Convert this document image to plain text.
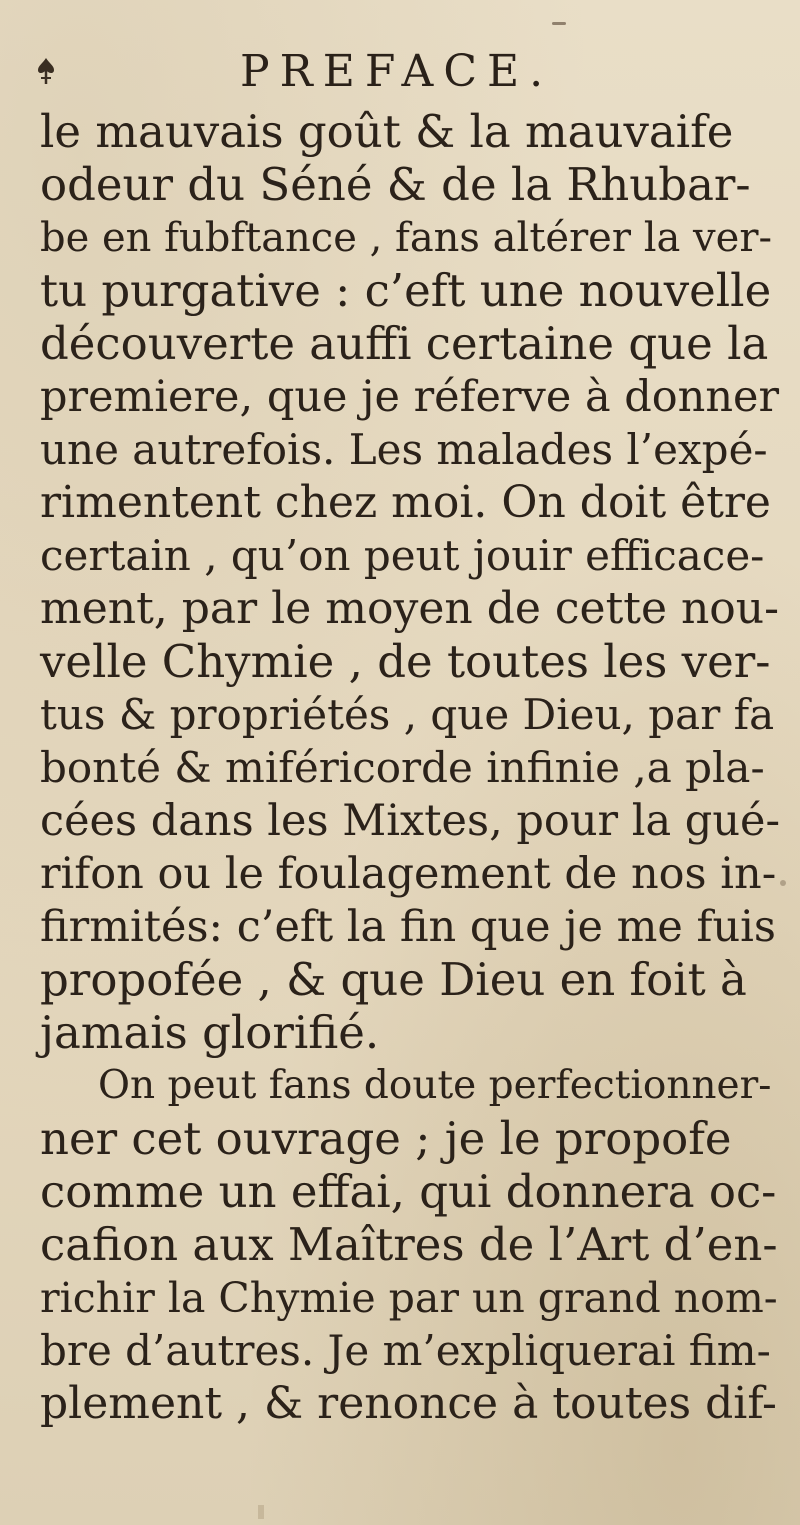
PREFACE.
le mauvais goût & la mauvaife
odeur du Séné & de la Rhubar-
be en fubftance , fans altérer la ver-
tu purgative : c’eft une nouvelle
découverte auffi certaine que la
premiere, que je réferve à donner
une autrefois. Les malades l’expé-
rimentent chez moi. On doit être
certain , qu’on peut jouir efficace-
ment, par le moyen de cette nou-
velle Chymie , de toutes les ver-
tus & propriétés , que Dieu, par fa
bonté & miféricorde infinie ,a pla-
cées dans les Mixtes, pour la gué-
rifon ou le foulagement de nos in-
firmités: c’eft la fin que je me fuis
propofée , & que Dieu en foit à
jamais glorifié.
On peut fans doute perfectionner-
ner cet ouvrage ; je le propofe
comme un effai, qui donnera oc-
cafion aux Maîtres de l’Art d’en-
richir la Chymie par un grand nom-
bre d’autres. Je m’expliquerai fim-
plement , & renonce à toutes dif-
